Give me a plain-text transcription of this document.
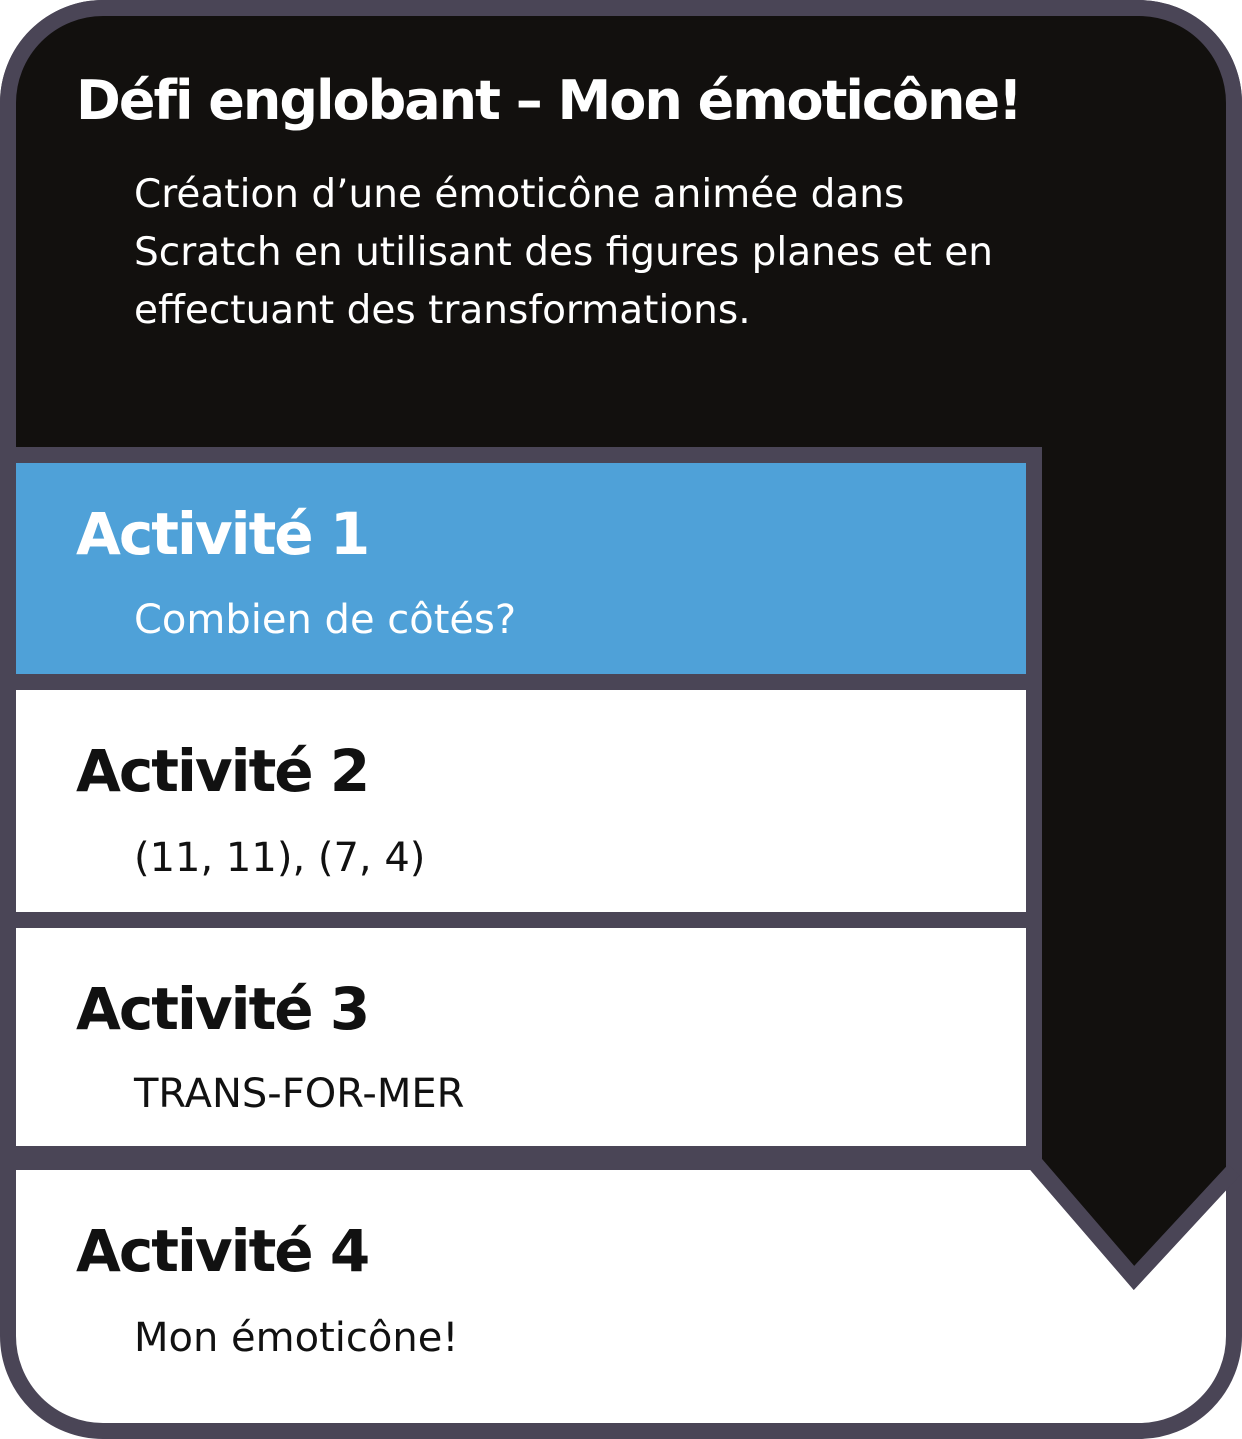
Défi englobant – Mon émoticône!

Création d’une émoticône animée dans Scratch en utilisant des figures planes et en effectuant des transformations.

Activité 1
Combien de côtés?
Activité 2
(11, 11), (7, 4)
Activité 3
TRANS-FOR-MER
Activité 4
Mon émoticône!
